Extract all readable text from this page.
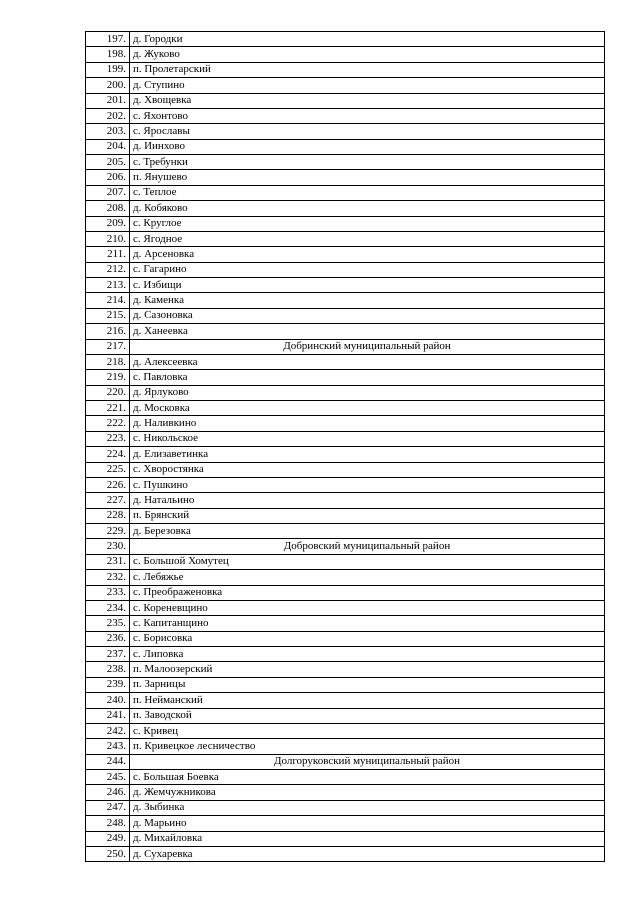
197.	д. Городки
198.	д. Жуково
199.	п. Пролетарский
200.	д. Ступино
201.	д. Хвощевка
202.	с. Яхонтово
203.	с. Ярославы
204.	д. Иинхово
205.	с. Требунки
206.	п. Янушево
207.	с. Теплое
208.	д. Кобяково
209.	с. Круглое
210.	с. Ягодное
211.	д. Арсеновка
212.	с. Гагарино
213.	с. Избищи
214.	д. Каменка
215.	д. Сазоновка
216.	д. Ханеевка
217.	Добринский муниципальный район
218.	д. Алексеевка
219.	с. Павловка
220.	д. Ярлуково
221.	д. Московка
222.	д. Наливкино
223.	с. Никольское
224.	д. Елизаветинка
225.	с. Хворостянка
226.	с. Пушкино
227.	д. Натальино
228.	п. Брянский
229.	д. Березовка
230.	Добровский муниципальный район
231.	с. Большой Хомутец
232.	с. Лебяжье
233.	с. Преображеновка
234.	с. Кореневщино
235.	с. Капитанщино
236.	с. Борисовка
237.	с. Липовка
238.	п. Малоозерский
239.	п. Зарницы
240.	п. Нейманский
241.	п. Заводской
242.	с. Кривец
243.	п. Кривецкое лесничество
244.	Долгоруковский муниципальный район
245.	с. Большая Боевка
246.	д. Жемчужникова
247.	д. Зыбинка
248.	д. Марьино
249.	д. Михайловка
250.	д. Сухаревка
